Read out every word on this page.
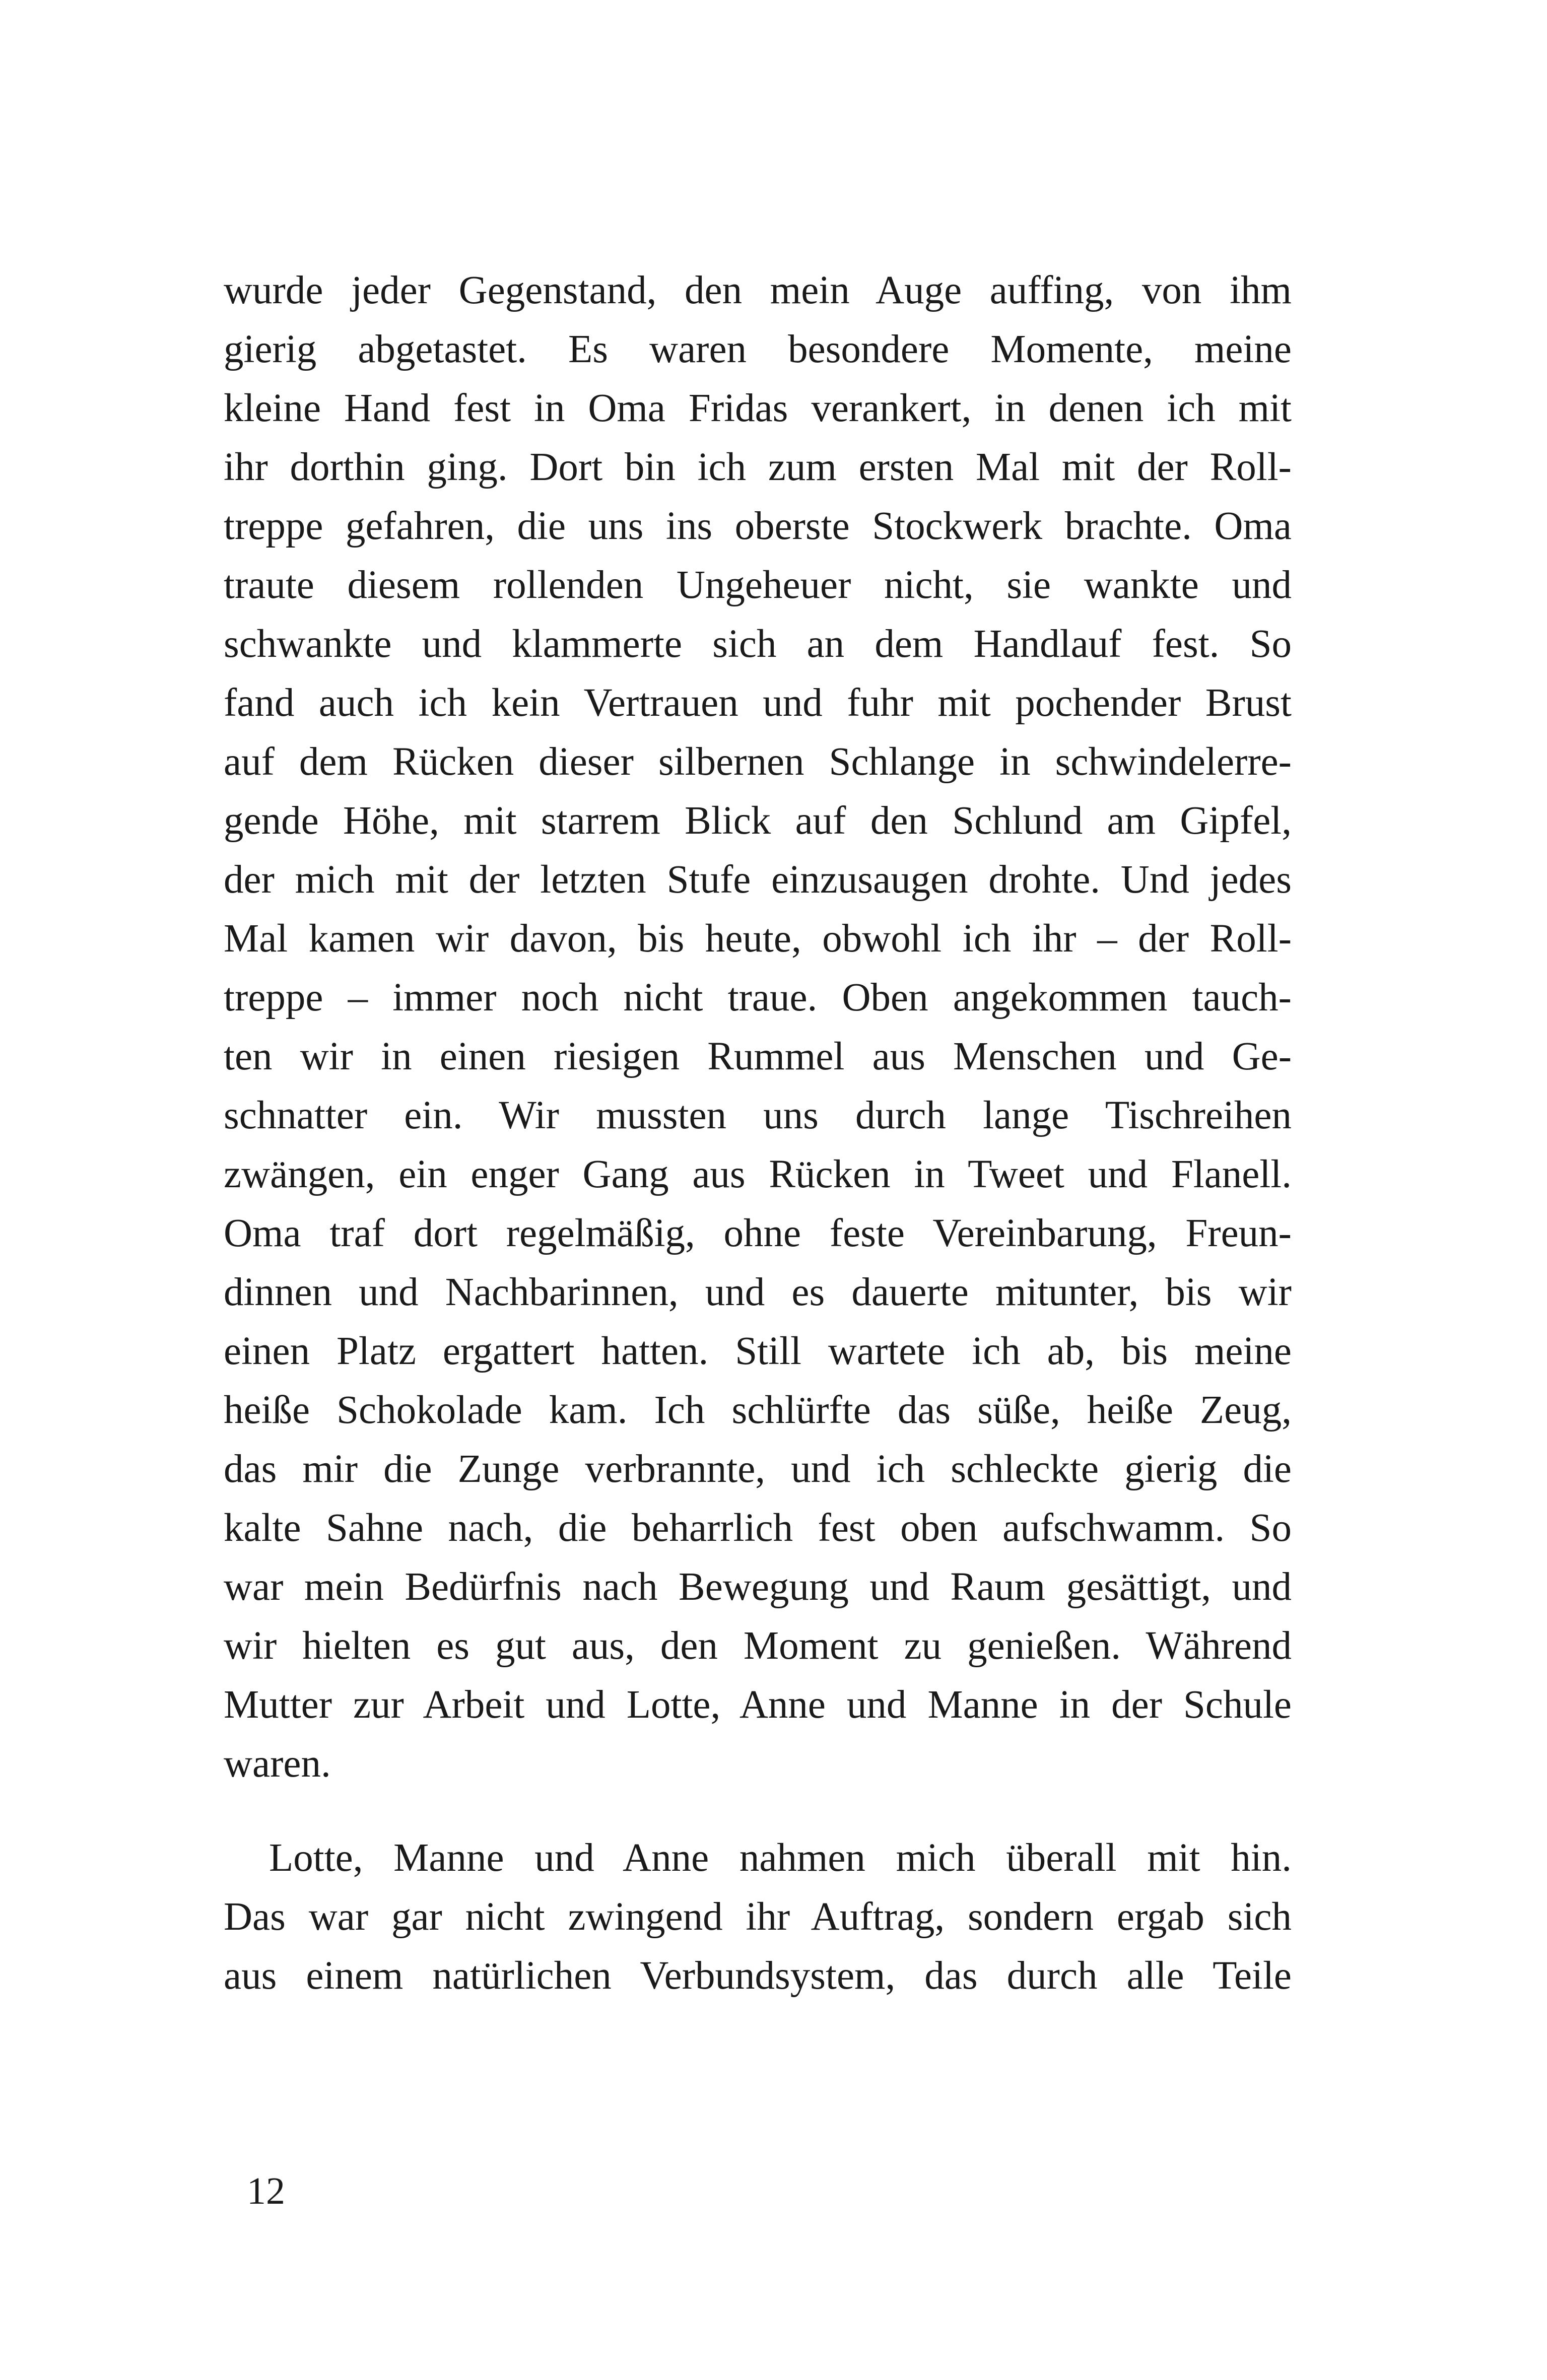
wurde jeder Gegenstand, den mein Auge auffing, von ihm
gierig abgetastet. Es waren besondere Momente, meine
kleine Hand fest in Oma Fridas verankert, in denen ich mit
ihr dorthin ging. Dort bin ich zum ersten Mal mit der Roll-
treppe gefahren, die uns ins oberste Stockwerk brachte. Oma
traute diesem rollenden Ungeheuer nicht, sie wankte und
schwankte und klammerte sich an dem Handlauf fest. So
fand auch ich kein Vertrauen und fuhr mit pochender Brust
auf dem Rücken dieser silbernen Schlange in schwindelerre-
gende Höhe, mit starrem Blick auf den Schlund am Gipfel,
der mich mit der letzten Stufe einzusaugen drohte. Und jedes
Mal kamen wir davon, bis heute, obwohl ich ihr – der Roll-
treppe – immer noch nicht traue. Oben angekommen tauch-
ten wir in einen riesigen Rummel aus Menschen und Ge-
schnatter ein. Wir mussten uns durch lange Tischreihen
zwängen, ein enger Gang aus Rücken in Tweet und Flanell.
Oma traf dort regelmäßig, ohne feste Vereinbarung, Freun-
dinnen und Nachbarinnen, und es dauerte mitunter, bis wir
einen Platz ergattert hatten. Still wartete ich ab, bis meine
heiße Schokolade kam. Ich schlürfte das süße, heiße Zeug,
das mir die Zunge verbrannte, und ich schleckte gierig die
kalte Sahne nach, die beharrlich fest oben aufschwamm. So
war mein Bedürfnis nach Bewegung und Raum gesättigt, und
wir hielten es gut aus, den Moment zu genießen. Während
Mutter zur Arbeit und Lotte, Anne und Manne in der Schule
waren.
Lotte, Manne und Anne nahmen mich überall mit hin.
Das war gar nicht zwingend ihr Auftrag, sondern ergab sich
aus einem natürlichen Verbundsystem, das durch alle Teile
12
